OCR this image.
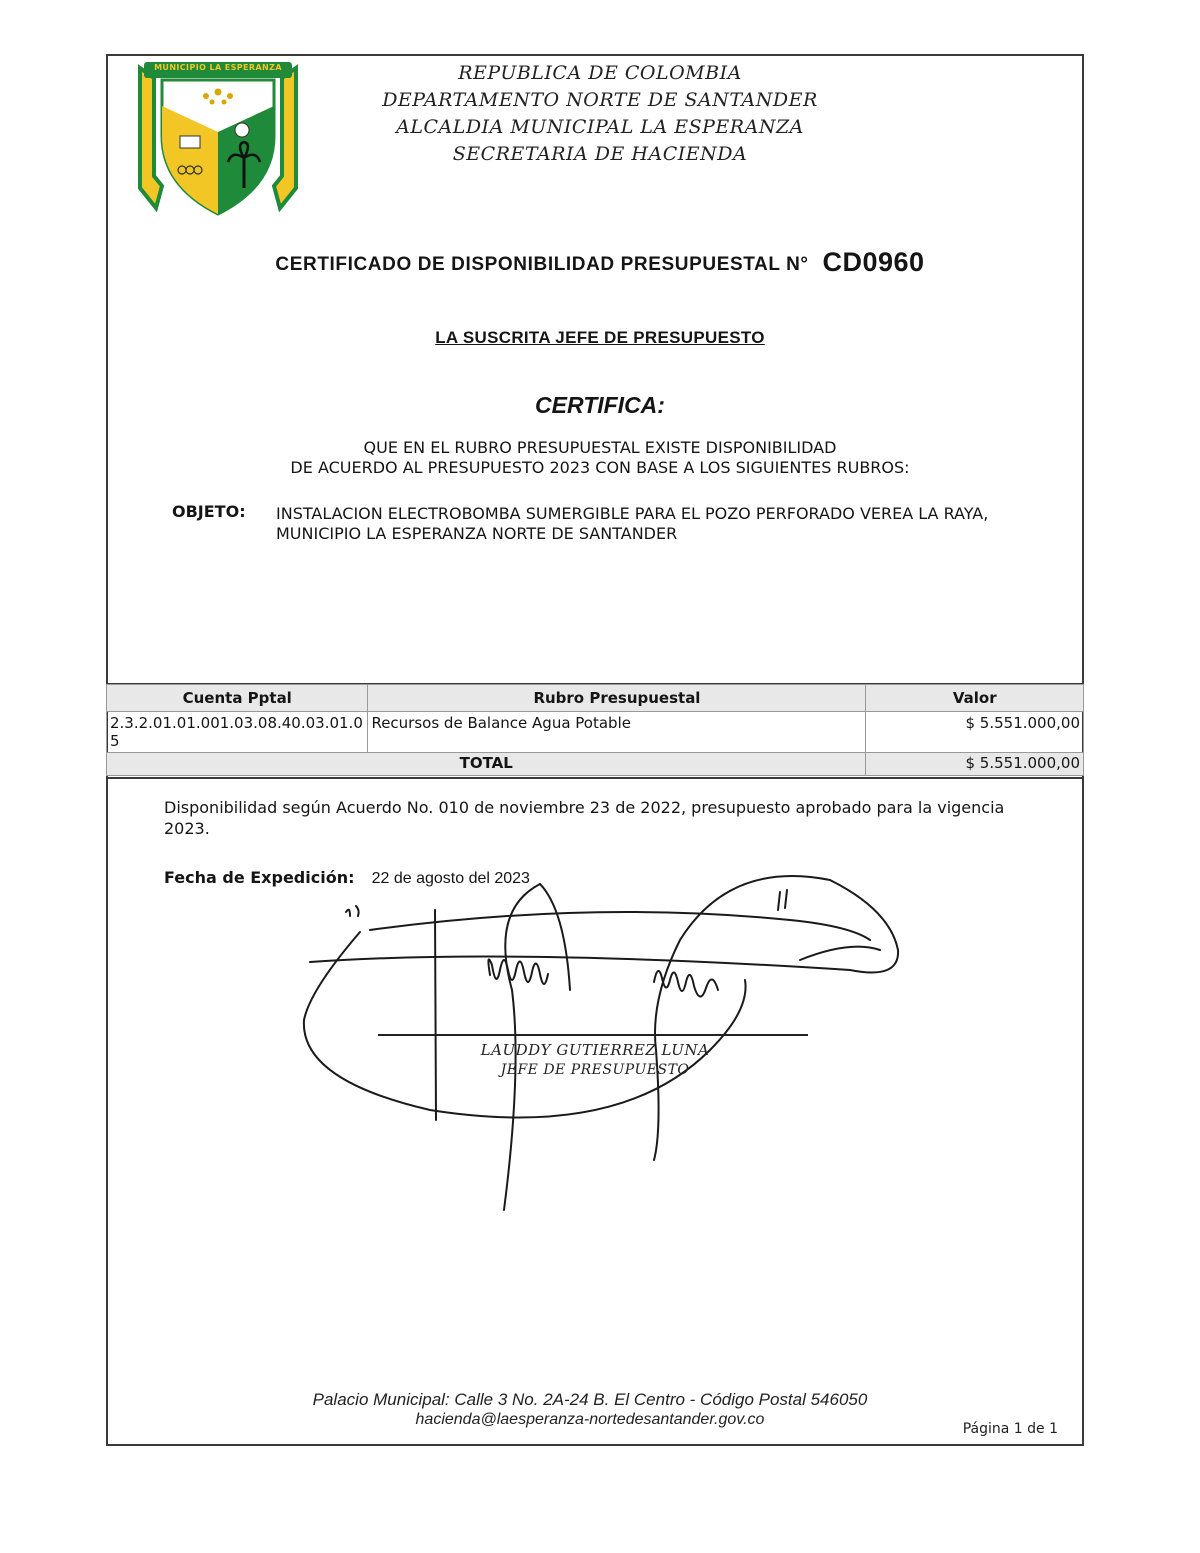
MUNICIPIO LA ESPERANZA	REPUBLICA DE COLOMBIA
DEPARTAMENTO NORTE DE SANTANDER
ALCALDIA MUNICIPAL LA ESPERANZA
SECRETARIA DE HACIENDA
CERTIFICADO DE DISPONIBILIDAD PRESUPUESTAL N° CD0960
LA SUSCRITA JEFE DE PRESUPUESTO
CERTIFICA:
QUE EN EL RUBRO PRESUPUESTAL EXISTE DISPONIBILIDAD
DE ACUERDO AL PRESUPUESTO 2023 CON BASE A LOS SIGUIENTES RUBROS:
OBJETO: INSTALACION ELECTROBOMBA SUMERGIBLE PARA EL POZO PERFORADO VEREA LA RAYA, MUNICIPIO LA ESPERANZA NORTE DE SANTANDER
Cuenta Pptal	Rubro Presupuestal	Valor
2.3.2.01.01.001.03.08.40.03.01.05	Recursos de Balance Agua Potable	$ 5.551.000,00
TOTAL		$ 5.551.000,00
Disponibilidad según Acuerdo No. 010 de noviembre 23 de 2022, presupuesto aprobado para la vigencia 2023.
Fecha de Expedición: 22 de agosto del 2023
LAUDDY GUTIERREZ LUNA
JEFE DE PRESUPUESTO
Palacio Municipal: Calle 3 No. 2A-24 B. El Centro - Código Postal 546050
hacienda@laesperanza-nortedesantander.gov.co
Página 1 de 1
